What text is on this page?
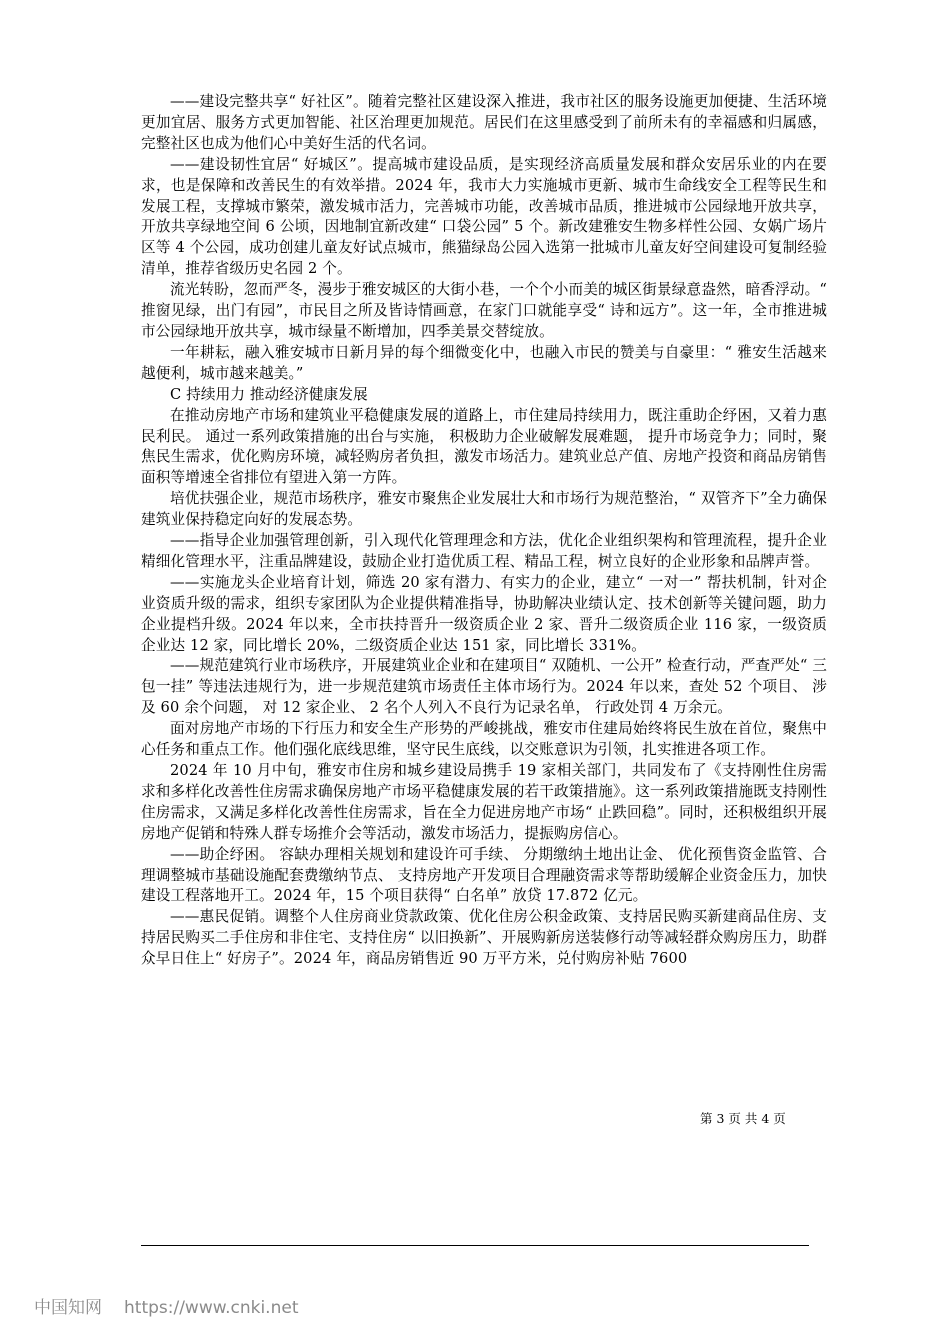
——建设完整共享“ 好社区”。随着完整社区建设深入推进，我市社区的服务设施更加便捷、生活环境更加宜居、服务方式更加智能、社区治理更加规范。居民们在这里感受到了前所未有的幸福感和归属感，完整社区也成为他们心中美好生活的代名词。

——建设韧性宜居“ 好城区”。提高城市建设品质，是实现经济高质量发展和群众安居乐业的内在要求，也是保障和改善民生的有效举措。2024 年，我市大力实施城市更新、城市生命线安全工程等民生和发展工程，支撑城市繁荣，激发城市活力，完善城市功能，改善城市品质，推进城市公园绿地开放共享，开放共享绿地空间 6 公顷，因地制宜新改建“ 口袋公园” 5 个。新改建雅安生物多样性公园、女娲广场片区等 4 个公园，成功创建儿童友好试点城市，熊猫绿岛公园入选第一批城市儿童友好空间建设可复制经验清单，推荐省级历史名园 2 个。

流光转盼，忽而严冬，漫步于雅安城区的大街小巷，一个个小而美的城区街景绿意盎然，暗香浮动。“ 推窗见绿，出门有园”，市民目之所及皆诗情画意，在家门口就能享受“ 诗和远方”。这一年，全市推进城市公园绿地开放共享，城市绿量不断增加，四季美景交替绽放。

一年耕耘，融入雅安城市日新月异的每个细微变化中，也融入市民的赞美与自豪里：“ 雅安生活越来越便利，城市越来越美。”

C 持续用力 推动经济健康发展

在推动房地产市场和建筑业平稳健康发展的道路上，市住建局持续用力，既注重助企纾困，又着力惠民利民。 通过一系列政策措施的出台与实施， 积极助力企业破解发展难题， 提升市场竞争力；同时，聚焦民生需求，优化购房环境，减轻购房者负担，激发市场活力。建筑业总产值、房地产投资和商品房销售面积等增速全省排位有望进入第一方阵。

培优扶强企业，规范市场秩序，雅安市聚焦企业发展壮大和市场行为规范整治，“ 双管齐下”全力确保建筑业保持稳定向好的发展态势。

——指导企业加强管理创新，引入现代化管理理念和方法，优化企业组织架构和管理流程，提升企业精细化管理水平，注重品牌建设，鼓励企业打造优质工程、精品工程，树立良好的企业形象和品牌声誉。

——实施龙头企业培育计划，筛选 20 家有潜力、有实力的企业，建立“ 一对一” 帮扶机制，针对企业资质升级的需求，组织专家团队为企业提供精准指导，协助解决业绩认定、技术创新等关键问题，助力企业提档升级。2024 年以来，全市扶持晋升一级资质企业 2 家、晋升二级资质企业 116 家，一级资质企业达 12 家，同比增长 20%，二级资质企业达 151 家，同比增长 331%。

——规范建筑行业市场秩序，开展建筑业企业和在建项目“ 双随机、一公开” 检查行动，严查严处“ 三包一挂” 等违法违规行为，进一步规范建筑市场责任主体市场行为。2024 年以来，查处 52 个项目、 涉及 60 余个问题， 对 12 家企业、 2 名个人列入不良行为记录名单， 行政处罚 4 万余元。

面对房地产市场的下行压力和安全生产形势的严峻挑战，雅安市住建局始终将民生放在首位，聚焦中心任务和重点工作。他们强化底线思维，坚守民生底线，以交账意识为引领，扎实推进各项工作。

2024 年 10 月中旬，雅安市住房和城乡建设局携手 19 家相关部门，共同发布了《支持刚性住房需求和多样化改善性住房需求确保房地产市场平稳健康发展的若干政策措施》。这一系列政策措施既支持刚性住房需求，又满足多样化改善性住房需求，旨在全力促进房地产市场“ 止跌回稳”。同时，还积极组织开展房地产促销和特殊人群专场推介会等活动，激发市场活力，提振购房信心。

——助企纾困。 容缺办理相关规划和建设许可手续、 分期缴纳土地出让金、 优化预售资金监管、合理调整城市基础设施配套费缴纳节点、 支持房地产开发项目合理融资需求等帮助缓解企业资金压力，加快建设工程落地开工。2024 年，15 个项目获得“ 白名单” 放贷 17.872 亿元。

——惠民促销。调整个人住房商业贷款政策、优化住房公积金政策、支持居民购买新建商品住房、支持居民购买二手住房和非住宅、支持住房“ 以旧换新”、开展购新房送装修行动等减轻群众购房压力，助群众早日住上“ 好房子”。2024 年，商品房销售近 90 万平方米，兑付购房补贴 7600

第 3 页 共 4 页
中国知网 https://www.cnki.net
